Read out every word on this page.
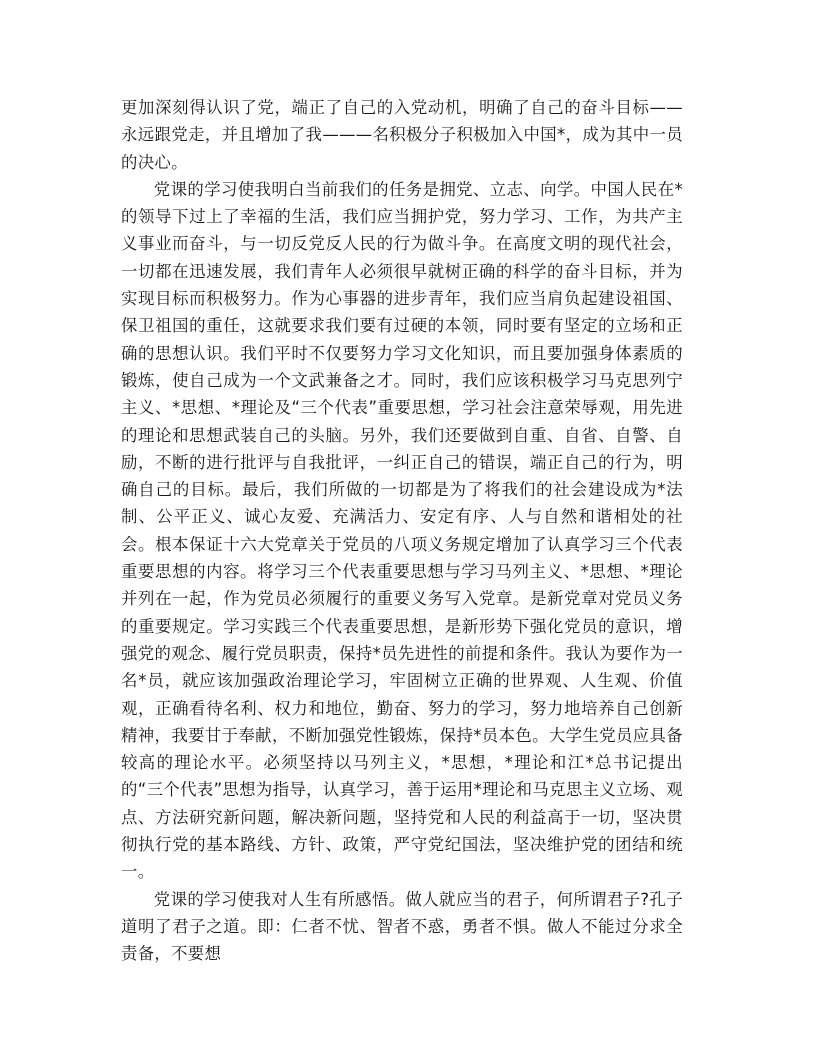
更加深刻得认识了党，端正了自己的入党动机，明确了自己的奋斗目标——永远跟党走，并且增加了我———名积极分子积极加入中国*，成为其中一员的决心。

党课的学习使我明白当前我们的任务是拥党、立志、向学。中国人民在*的领导下过上了幸福的生活，我们应当拥护党，努力学习、工作，为共产主义事业而奋斗，与一切反党反人民的行为做斗争。在高度文明的现代社会，一切都在迅速发展，我们青年人必须很早就树正确的科学的奋斗目标，并为实现目标而积极努力。作为心事器的进步青年，我们应当肩负起建设祖国、保卫祖国的重任，这就要求我们要有过硬的本领，同时要有坚定的立场和正确的思想认识。我们平时不仅要努力学习文化知识，而且要加强身体素质的锻炼，使自己成为一个文武兼备之才。同时，我们应该积极学习马克思列宁主义、*思想、*理论及“三个代表”重要思想，学习社会注意荣辱观，用先进的理论和思想武装自己的头脑。另外，我们还要做到自重、自省、自警、自励，不断的进行批评与自我批评，一纠正自己的错误，端正自己的行为，明确自己的目标。最后，我们所做的一切都是为了将我们的社会建设成为*法制、公平正义、诚心友爱、充满活力、安定有序、人与自然和谐相处的社会。根本保证十六大党章关于党员的八项义务规定增加了认真学习三个代表重要思想的内容。将学习三个代表重要思想与学习马列主义、*思想、*理论并列在一起，作为党员必须履行的重要义务写入党章。是新党章对党员义务的重要规定。学习实践三个代表重要思想，是新形势下强化党员的意识，增强党的观念、履行党员职责，保持*员先进性的前提和条件。我认为要作为一名*员，就应该加强政治理论学习，牢固树立正确的世界观、人生观、价值观，正确看待名利、权力和地位，勤奋、努力的学习，努力地培养自己创新精神，我要甘于奉献，不断加强党性锻炼，保持*员本色。大学生党员应具备较高的理论水平。必须坚持以马列主义，*思想，*理论和江*总书记提出的“三个代表”思想为指导，认真学习，善于运用*理论和马克思主义立场、观点、方法研究新问题，解决新问题，坚持党和人民的利益高于一切，坚决贯彻执行党的基本路线、方针、政策，严守党纪国法，坚决维护党的团结和统一。

党课的学习使我对人生有所感悟。做人就应当的君子，何所谓君子?孔子道明了君子之道。即：仁者不忧、智者不惑，勇者不惧。做人不能过分求全责备，不要想
